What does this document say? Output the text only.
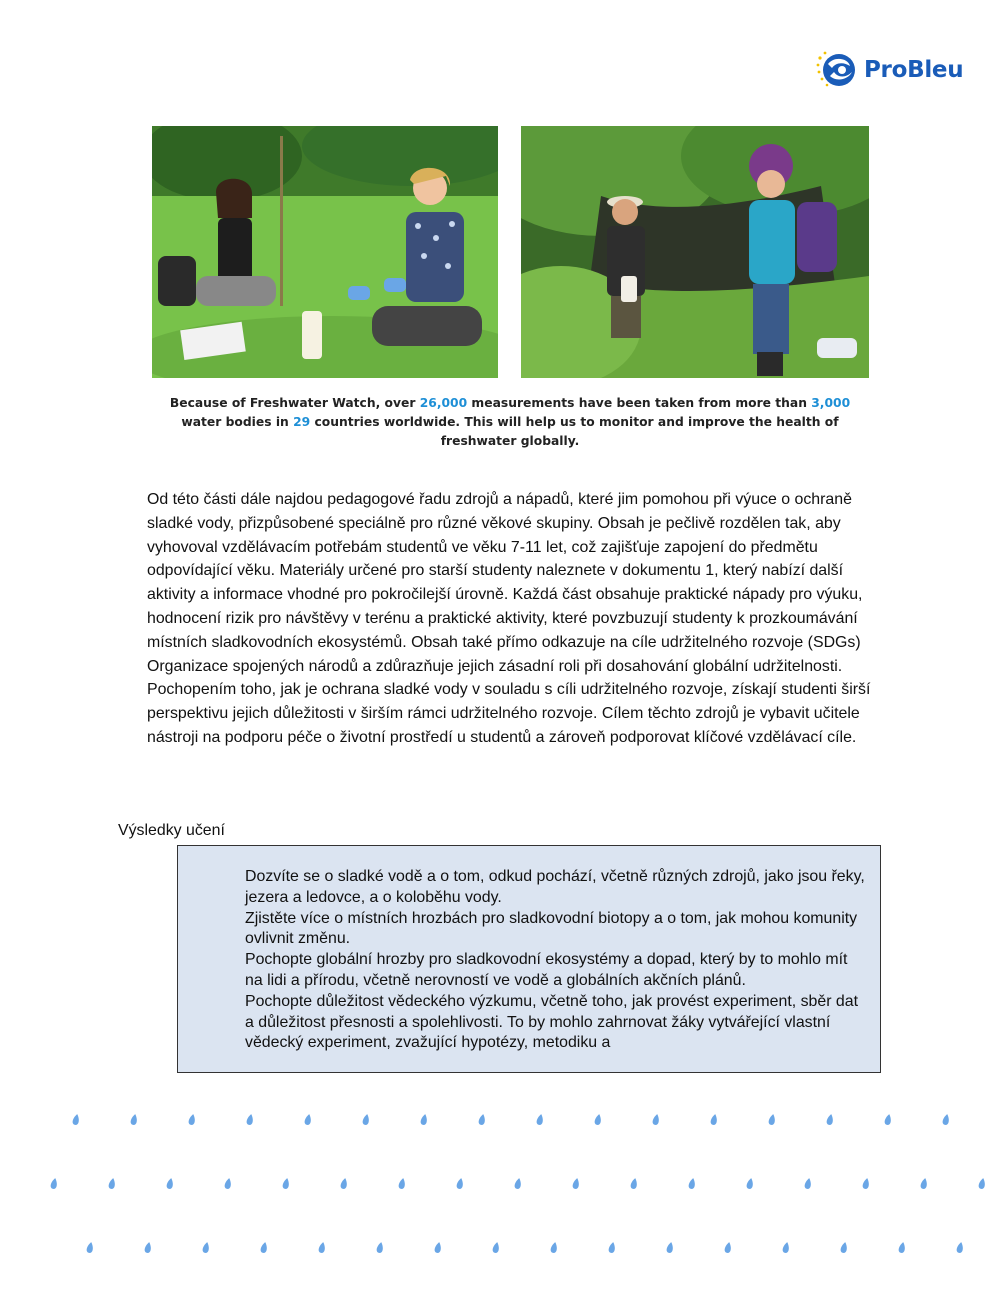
ProBleu
Because of Freshwater Watch, over 26,000 measurements have been taken from more than 3,000
water bodies in 29 countries worldwide. This will help us to monitor and improve the health of freshwater globally.
Od této části dále najdou pedagogové řadu zdrojů a nápadů, které jim pomohou při výuce o ochraně sladké vody, přizpůsobené speciálně pro různé věkové skupiny. Obsah je pečlivě rozdělen tak, aby vyhovoval vzdělávacím potřebám studentů ve věku 7-11 let, což zajišťuje zapojení do předmětu odpovídající věku. Materiály určené pro starší studenty naleznete v dokumentu 1, který nabízí další aktivity a informace vhodné pro pokročilejší úrovně. Každá část obsahuje praktické nápady pro výuku, hodnocení rizik pro návštěvy v terénu a praktické aktivity, které povzbuzují studenty k prozkoumávání místních sladkovodních ekosystémů. Obsah také přímo odkazuje na cíle udržitelného rozvoje (SDGs) Organizace spojených národů a zdůrazňuje jejich zásadní roli při dosahování globální udržitelnosti. Pochopením toho, jak je ochrana sladké vody v souladu s cíli udržitelného rozvoje, získají studenti širší perspektivu jejich důležitosti v širším rámci udržitelného rozvoje. Cílem těchto zdrojů je vybavit učitele nástroji na podporu péče o životní prostředí u studentů a zároveň podporovat klíčové vzdělávací cíle.
Výsledky učení
Dozvíte se o sladké vodě a o tom, odkud pochází, včetně různých zdrojů, jako jsou řeky, jezera a ledovce, a o koloběhu vody.
Zjistěte více o místních hrozbách pro sladkovodní biotopy a o tom, jak mohou komunity ovlivnit změnu.
Pochopte globální hrozby pro sladkovodní ekosystémy a dopad, který by to mohlo mít na lidi a přírodu, včetně nerovností ve vodě a globálních akčních plánů.
Pochopte důležitost vědeckého výzkumu, včetně toho, jak provést experiment, sběr dat a důležitost přesnosti a spolehlivosti. To by mohlo zahrnovat žáky vytvářející vlastní vědecký experiment, zvažující hypotézy, metodiku a
